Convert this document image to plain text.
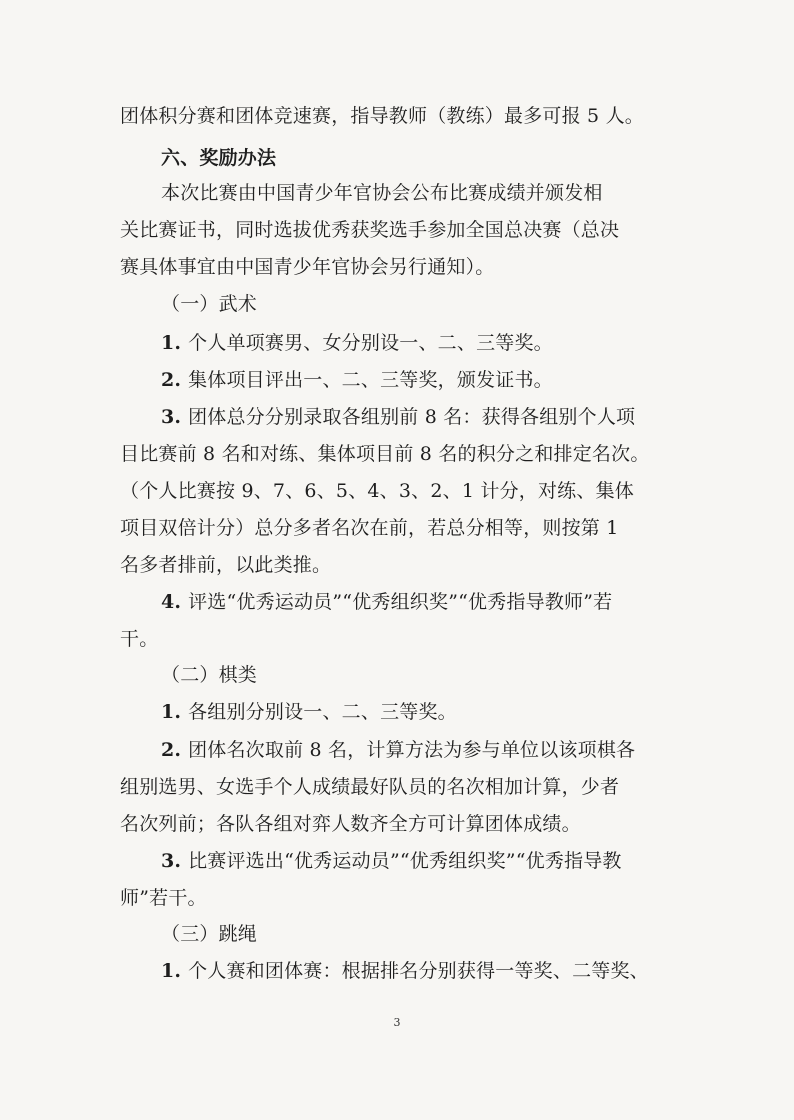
团体积分赛和团体竞速赛，指导教师（教练）最多可报 5 人。
六、奖励办法
本次比赛由中国青少年官协会公布比赛成绩并颁发相
关比赛证书，同时选拔优秀获奖选手参加全国总决赛（总决
赛具体事宜由中国青少年官协会另行通知）。
（一）武术
1. 个人单项赛男、女分别设一、二、三等奖。
2. 集体项目评出一、二、三等奖，颁发证书。
3. 团体总分分别录取各组别前 8 名：获得各组别个人项
目比赛前 8 名和对练、集体项目前 8 名的积分之和排定名次。
（个人比赛按 9、7、6、5、4、3、2、1 计分，对练、集体
项目双倍计分）总分多者名次在前，若总分相等，则按第 1
名多者排前，以此类推。
4. 评选“优秀运动员”“优秀组织奖”“优秀指导教师”若
干。
（二）棋类
1. 各组别分别设一、二、三等奖。
2. 团体名次取前 8 名，计算方法为参与单位以该项棋各
组别选男、女选手个人成绩最好队员的名次相加计算，少者
名次列前；各队各组对弈人数齐全方可计算团体成绩。
3. 比赛评选出“优秀运动员”“优秀组织奖”“优秀指导教
师”若干。
（三）跳绳
1. 个人赛和团体赛：根据排名分别获得一等奖、二等奖、
3
